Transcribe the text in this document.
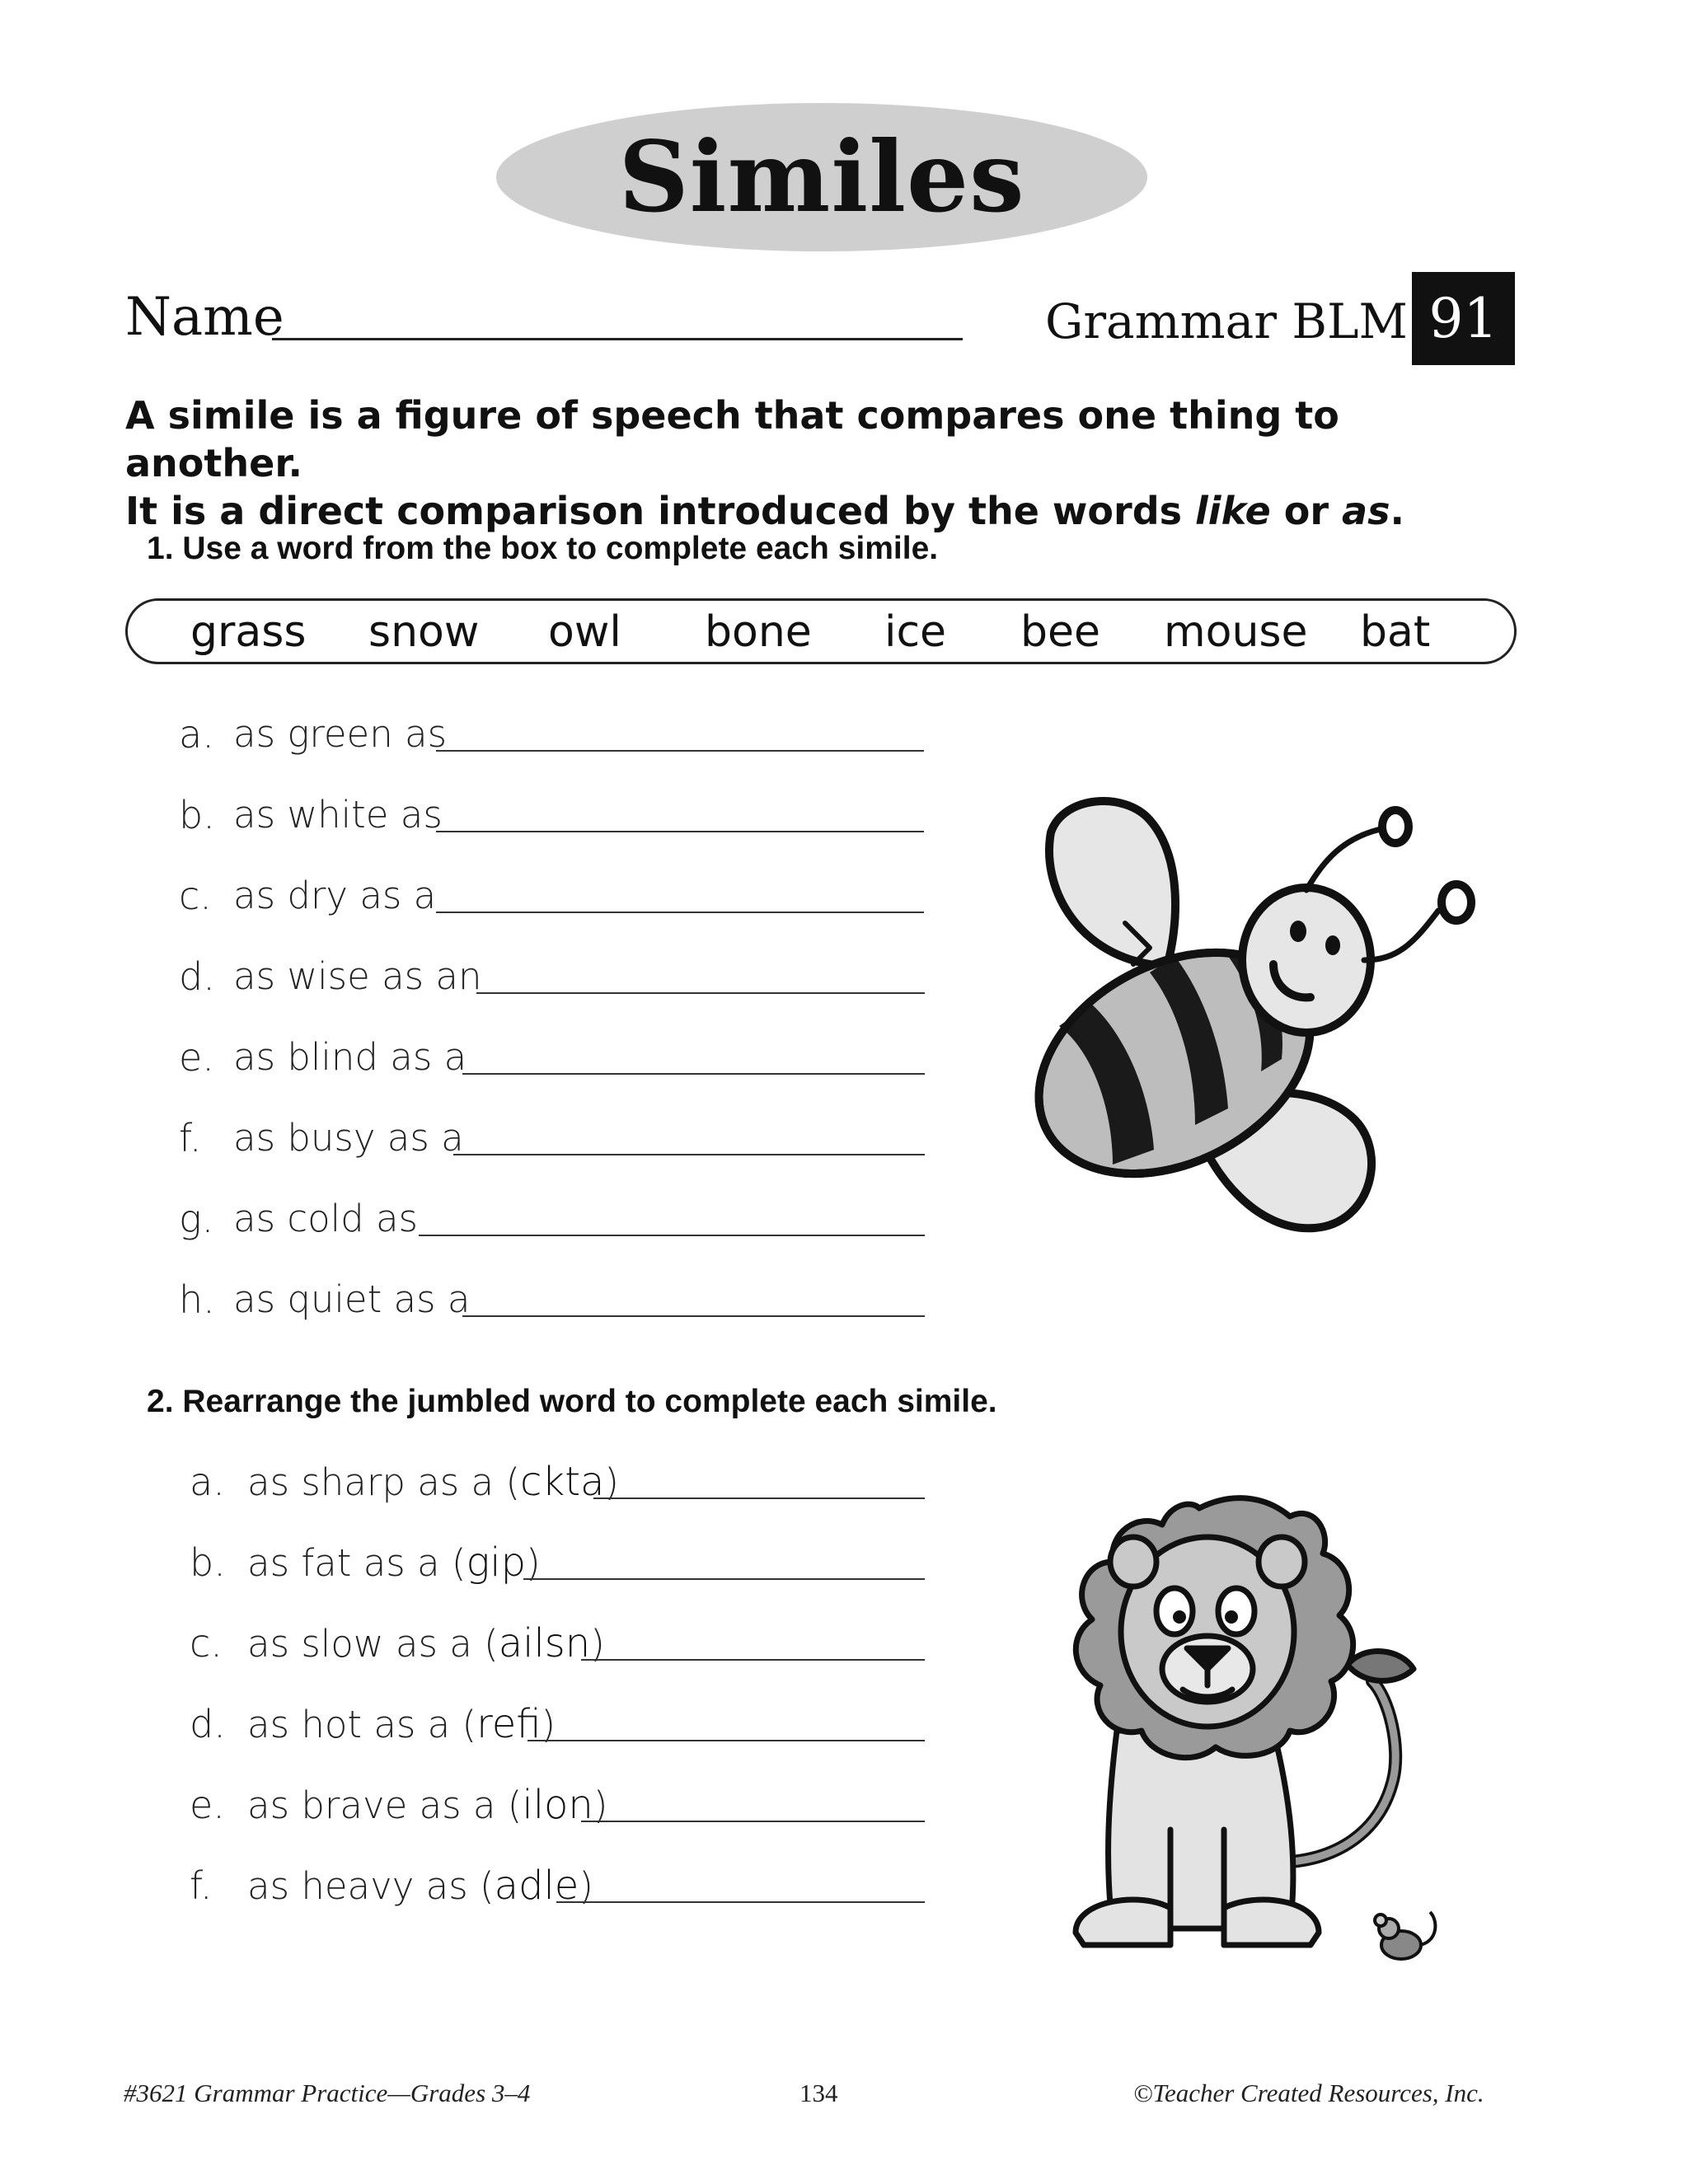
Similes
Name	Grammar BLM 91

A simile is a figure of speech that compares one thing to another.

It is a direct comparison introduced by the words like or as.

1. Use a word from the box to complete each simile.
grass snow owl bone ice bee mouse bat
a. as green as
b. as white as
c. as dry as a
d. as wise as an
e. as blind as a
f. as busy as a
g. as cold as
h. as quiet as a
2. Rearrange the jumbled word to complete each simile.
a. as sharp as a (ckta)
b. as fat as a (gip)
c. as slow as a (ailsn)
d. as hot as a (refi)
e. as brave as a (ilon)
f. as heavy as (adle)
#3621 Grammar Practice—Grades 3–4	134	©Teacher Created Resources, Inc.
